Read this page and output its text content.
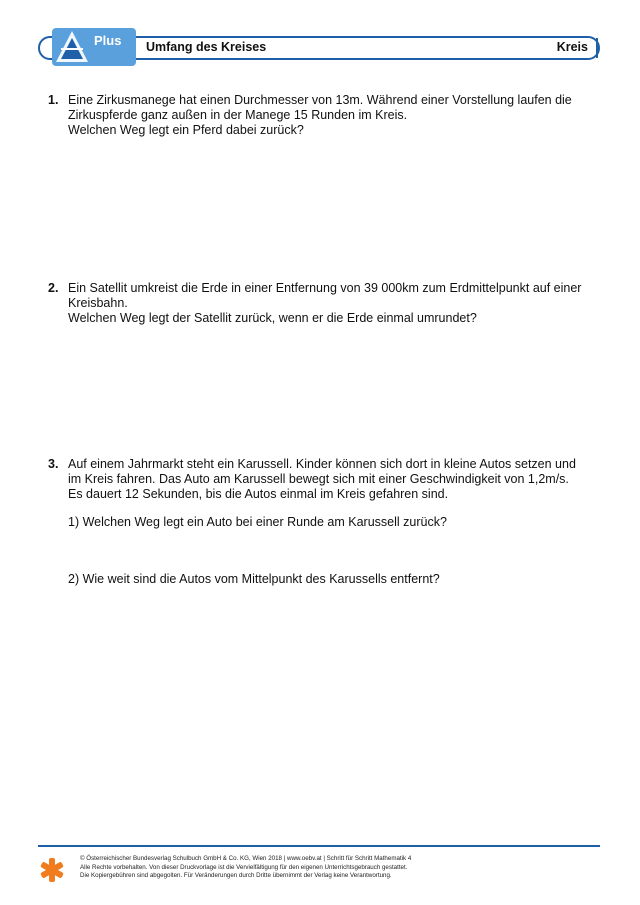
Plus Umfang des Kreises	Kreis
1. Eine Zirkusmanege hat einen Durchmesser von 13m. Während einer Vorstellung laufen die

Zirkuspferde ganz außen in der Manege 15 Runden im Kreis.

Welchen Weg legt ein Pferd dabei zurück?

2. Ein Satellit umkreist die Erde in einer Entfernung von 39 000km zum Erdmittelpunkt auf einer

Kreisbahn.

Welchen Weg legt der Satellit zurück, wenn er die Erde einmal umrundet?

3. Auf einem Jahrmarkt steht ein Karussell. Kinder können sich dort in kleine Autos setzen und

im Kreis fahren. Das Auto am Karussell bewegt sich mit einer Geschwindigkeit von 1,2m/s.

Es dauert 12 Sekunden, bis die Autos einmal im Kreis gefahren sind.

1) Welchen Weg legt ein Auto bei einer Runde am Karussell zurück?
2) Wie weit sind die Autos vom Mittelpunkt des Karussells entfernt?
© Österreichischer Bundesverlag Schulbuch GmbH & Co. KG, Wien 2018 | www.oebv.at | Schritt für Schritt Mathematik 4
Alle Rechte vorbehalten. Von dieser Druckvorlage ist die Vervielfältigung für den eigenen Unterrichtsgebrauch gestattet.
Die Kopiergebühren sind abgegolten. Für Veränderungen durch Dritte übernimmt der Verlag keine Verantwortung.
